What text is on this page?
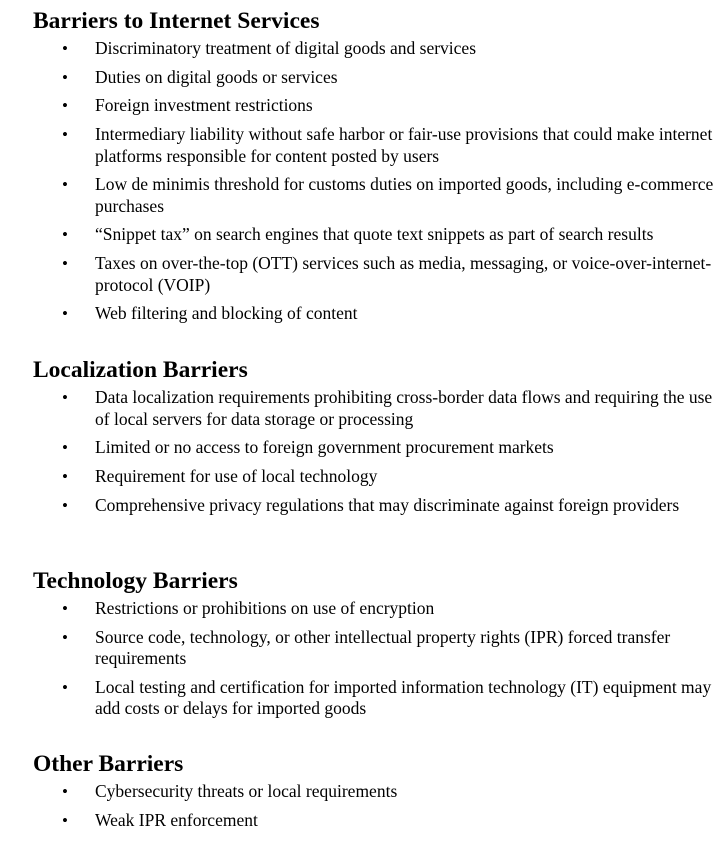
Barriers to Internet Services
• Discriminatory treatment of digital goods and services
• Duties on digital goods or services
• Foreign investment restrictions
• Intermediary liability without safe harbor or fair-use provisions that could make internet platforms responsible for content posted by users
• Low de minimis threshold for customs duties on imported goods, including e-commerce purchases
• “Snippet tax” on search engines that quote text snippets as part of search results
• Taxes on over-the-top (OTT) services such as media, messaging, or voice-over-internet-protocol (VOIP)
• Web filtering and blocking of content
Localization Barriers
• Data localization requirements prohibiting cross-border data flows and requiring the use of local servers for data storage or processing
• Limited or no access to foreign government procurement markets
• Requirement for use of local technology
• Comprehensive privacy regulations that may discriminate against foreign providers
Technology Barriers
• Restrictions or prohibitions on use of encryption
• Source code, technology, or other intellectual property rights (IPR) forced transfer requirements
• Local testing and certification for imported information technology (IT) equipment may add costs or delays for imported goods
Other Barriers
• Cybersecurity threats or local requirements
• Weak IPR enforcement
